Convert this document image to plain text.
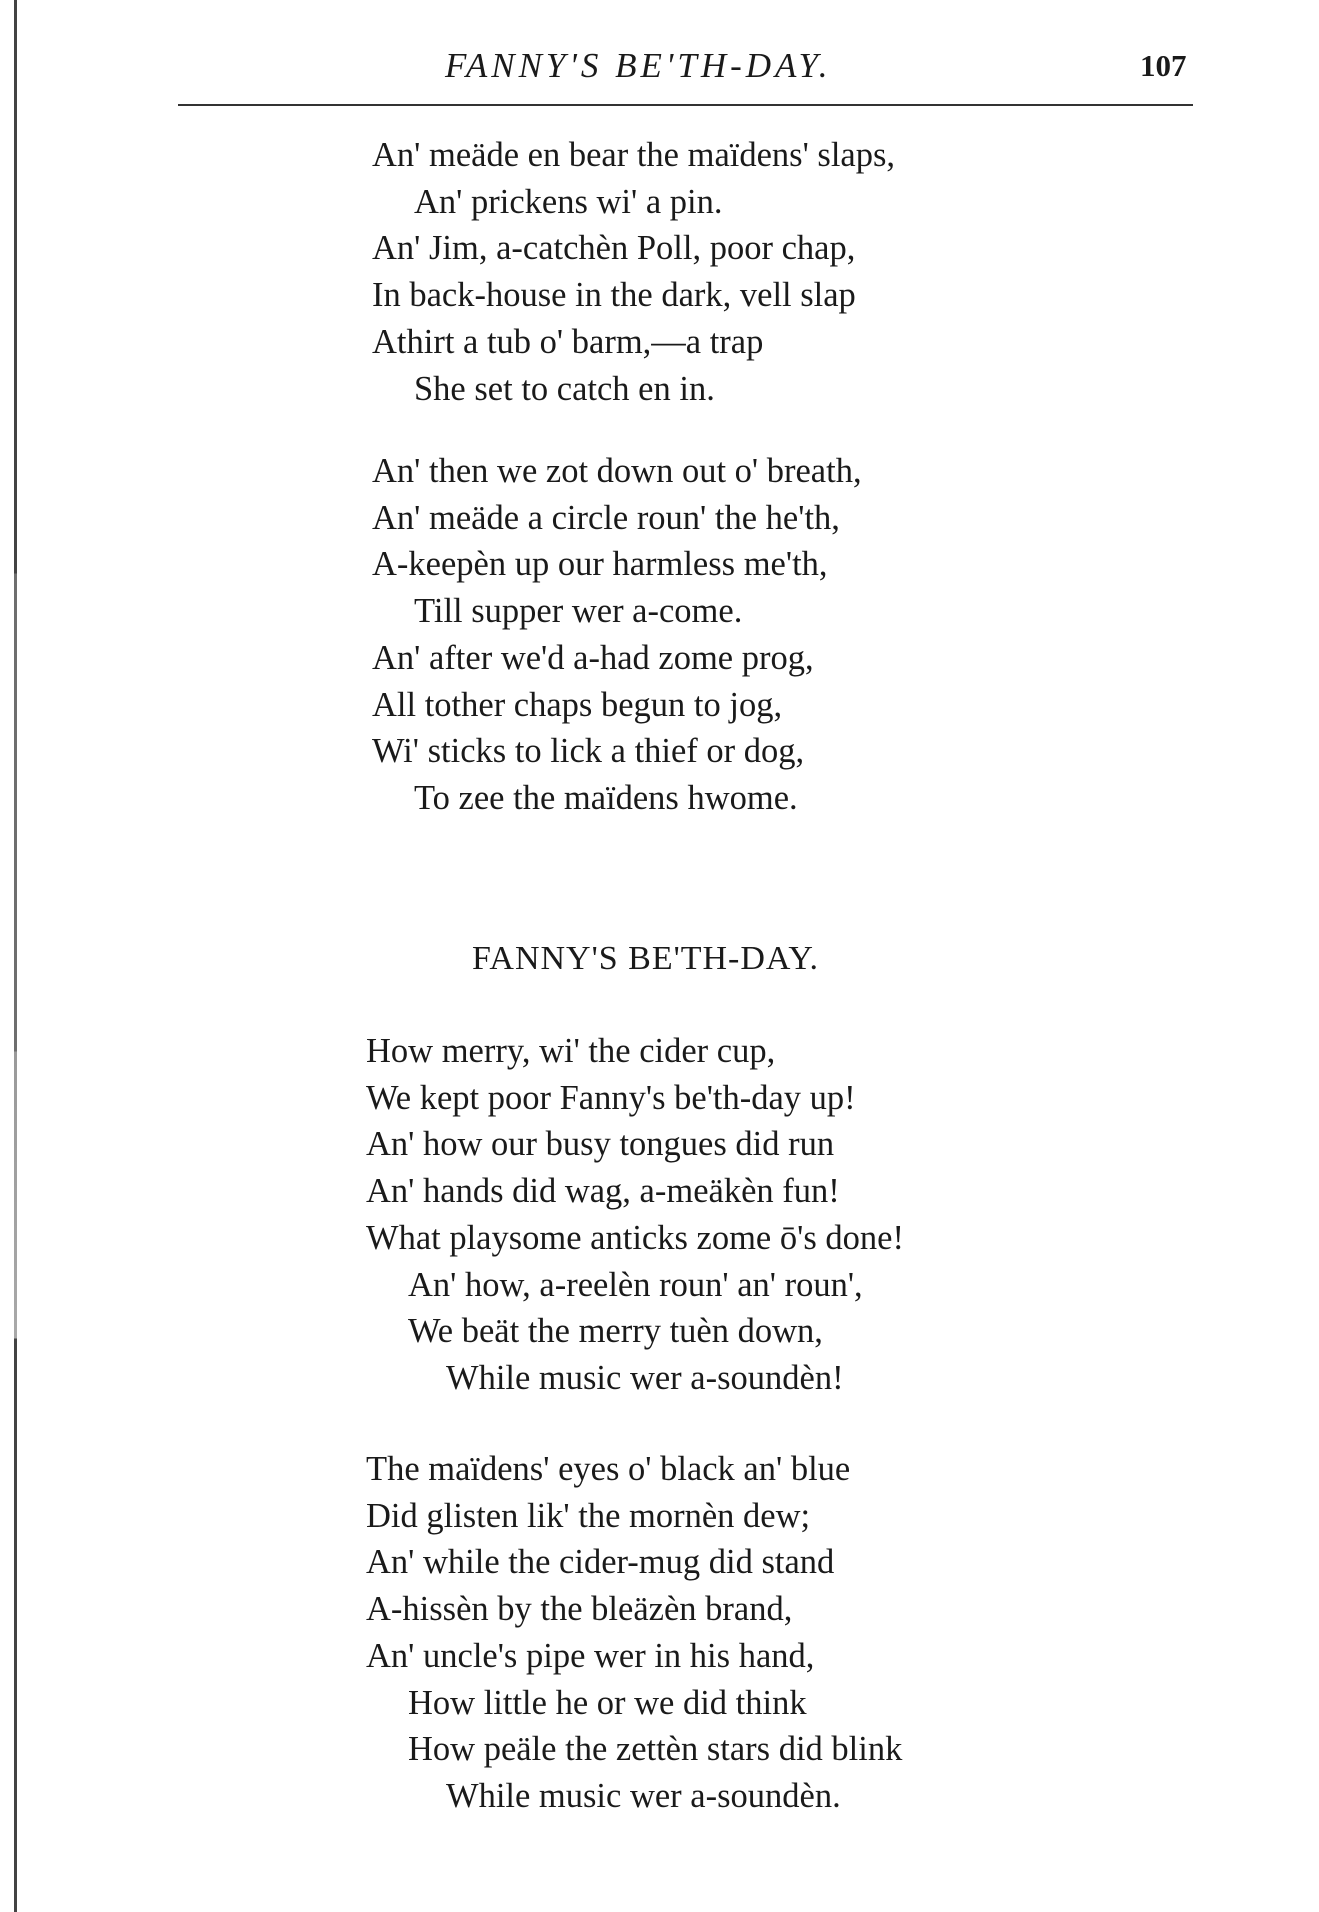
FANNY'S BE'TH-DAY.	107
An' meäde en bear the maïdens' slaps,
An' prickens wi' a pin.
An' Jim, a-catchèn Poll, poor chap,
In back-house in the dark, vell slap
Athirt a tub o' barm,—a trap
She set to catch en in.
An' then we zot down out o' breath,
An' meäde a circle roun' the he'th,
A-keepèn up our harmless me'th,
Till supper wer a-come.
An' after we'd a-had zome prog,
All tother chaps begun to jog,
Wi' sticks to lick a thief or dog,
To zee the maïdens hwome.
FANNY'S BE'TH-DAY.
How merry, wi' the cider cup,
We kept poor Fanny's be'th-day up!
An' how our busy tongues did run
An' hands did wag, a-meäkèn fun!
What playsome anticks zome ō's done!
An' how, a-reelèn roun' an' roun',
We beät the merry tuèn down,
While music wer a-soundèn!
The maïdens' eyes o' black an' blue
Did glisten lik' the mornèn dew;
An' while the cider-mug did stand
A-hissèn by the bleäzèn brand,
An' uncle's pipe wer in his hand,
How little he or we did think
How peäle the zettèn stars did blink
While music wer a-soundèn.
